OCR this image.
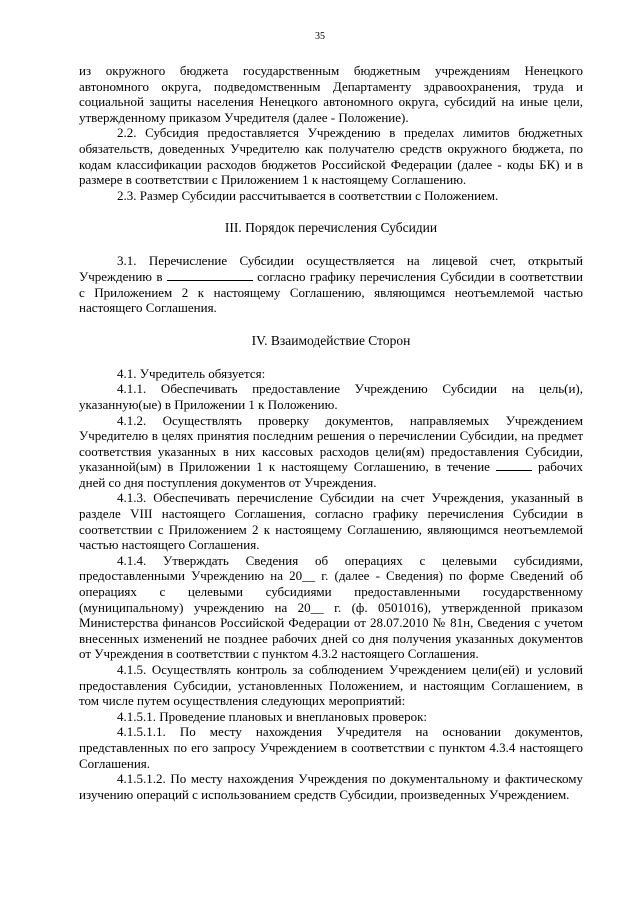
35

из окружного бюджета государственным бюджетным учреждениям Ненецкого автономного округа, подведомственным Департаменту здравоохранения, труда и социальной защиты населения Ненецкого автономного округа, субсидий на иные цели, утвержденному приказом Учредителя (далее - Положение).

2.2. Субсидия предоставляется Учреждению в пределах лимитов бюджетных обязательств, доведенных Учредителю как получателю средств окружного бюджета, по кодам классификации расходов бюджетов Российской Федерации (далее - коды БК) и в размере в соответствии с Приложением 1 к настоящему Соглашению.

2.3. Размер Субсидии рассчитывается в соответствии с Положением.

III. Порядок перечисления Субсидии

3.1. Перечисление Субсидии осуществляется на лицевой счет, открытый Учреждению в	согласно графику перечисления Субсидии в соответствии с Приложением 2 к настоящему Соглашению, являющимся неотъемлемой частью настоящего Соглашения.

IV. Взаимодействие Сторон

4.1. Учредитель обязуется:

4.1.1. Обеспечивать предоставление Учреждению Субсидии на цель(и), указанную(ые) в Приложении 1 к Положению.

4.1.2. Осуществлять проверку документов, направляемых Учреждением Учредителю в целях принятия последним решения о перечислении Субсидии, на предмет соответствия указанных в них кассовых расходов цели(ям) предоставления Субсидии, указанной(ым) в Приложении 1 к настоящему Соглашению, в течение	рабочих дней со дня поступления документов от Учреждения.

4.1.3. Обеспечивать перечисление Субсидии на счет Учреждения, указанный в разделе VIII настоящего Соглашения, согласно графику перечисления Субсидии в соответствии с Приложением 2 к настоящему Соглашению, являющимся неотъемлемой частью настоящего Соглашения.

4.1.4. Утверждать Сведения об операциях с целевыми субсидиями, предоставленными Учреждению на 20__ г. (далее - Сведения) по форме Сведений об операциях с целевыми субсидиями предоставленными государственному (муниципальному) учреждению на 20__ г. (ф. 0501016), утвержденной приказом Министерства финансов Российской Федерации от 28.07.2010 № 81н, Сведения с учетом внесенных изменений не позднее рабочих дней со дня получения указанных документов от Учреждения в соответствии с пунктом 4.3.2 настоящего Соглашения.

4.1.5. Осуществлять контроль за соблюдением Учреждением цели(ей) и условий предоставления Субсидии, установленных Положением, и настоящим Соглашением, в том числе путем осуществления следующих мероприятий:

4.1.5.1. Проведение плановых и внеплановых проверок:

4.1.5.1.1. По месту нахождения Учредителя на основании документов, представленных по его запросу Учреждением в соответствии с пунктом 4.3.4 настоящего Соглашения.

4.1.5.1.2. По месту нахождения Учреждения по документальному и фактическому изучению операций с использованием средств Субсидии, произведенных Учреждением.
